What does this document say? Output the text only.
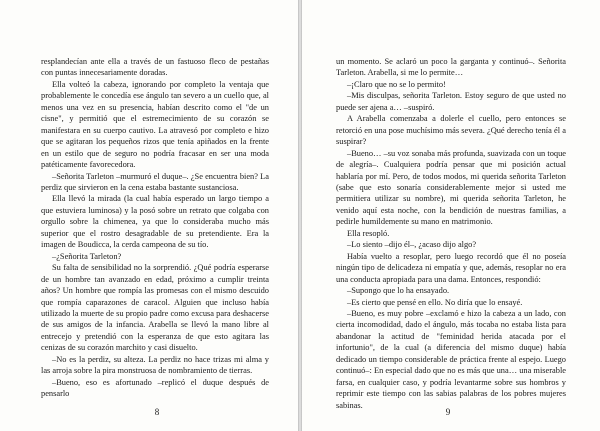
resplandecían ante ella a través de un fastuoso fleco de pestañas con puntas innecesariamente doradas.

Ella volteó la cabeza, ignorando por completo la ventaja que probablemente le concedía ese ángulo tan severo a un cuello que, al menos una vez en su presencia, habían descrito como el "de un cisne", y permitió que el estremecimiento de su corazón se manifestara en su cuerpo cautivo. La atravesó por completo e hizo que se agitaran los pequeños rizos que tenía apiñados en la frente en un estilo que de seguro no podría fracasar en ser una moda patéticamente favorecedora.

–Señorita Tarleton –murmuró el duque–. ¿Se encuentra bien? La perdiz que sirvieron en la cena estaba bastante sustanciosa.

Ella llevó la mirada (la cual había esperado un largo tiempo a que estuviera luminosa) y la posó sobre un retrato que colgaba con orgullo sobre la chimenea, ya que lo consideraba mucho más superior que el rostro desagradable de su pretendiente. Era la imagen de Boudicca, la cerda campeona de su tío.

–¿Señorita Tarleton?

Su falta de sensibilidad no la sorprendió. ¿Qué podría esperarse de un hombre tan avanzado en edad, próximo a cumplir treinta años? Un hombre que rompía las promesas con el mismo descuido que rompía caparazones de caracol. Alguien que incluso había utilizado la muerte de su propio padre como excusa para deshacerse de sus amigos de la infancia. Arabella se llevó la mano libre al entrecejo y pretendió con la esperanza de que esto agitara las cenizas de su corazón marchito y casi disuelto.

–No es la perdiz, su alteza. La perdiz no hace trizas mi alma y las arroja sobre la pira monstruosa de nombramiento de tierras.

–Bueno, eso es afortunado –replicó el duque después de pensarlo

8

un momento. Se aclaró un poco la garganta y continuó–. Señorita Tarleton. Arabella, si me lo permite…

–¡Claro que no se lo permito!

–Mis disculpas, señorita Tarleton. Estoy seguro de que usted no puede ser ajena a… –suspiró.

A Arabella comenzaba a dolerle el cuello, pero entonces se retorció en una pose muchísimo más severa. ¿Qué derecho tenía él a suspirar?

–Bueno… –su voz sonaba más profunda, suavizada con un toque de alegría–. Cualquiera podría pensar que mi posición actual hablaría por mí. Pero, de todos modos, mi querida señorita Tarleton (sabe que esto sonaría considerablemente mejor si usted me permitiera utilizar su nombre), mi querida señorita Tarleton, he venido aquí esta noche, con la bendición de nuestras familias, a pedirle humildemente su mano en matrimonio.

Ella resopló.

–Lo siento –dijo él–, ¿acaso dijo algo?

Había vuelto a resoplar, pero luego recordó que él no poseía ningún tipo de delicadeza ni empatía y que, además, resoplar no era una conducta apropiada para una dama. Entonces, respondió:

–Supongo que lo ha ensayado.

–Es cierto que pensé en ello. No diría que lo ensayé.

–Bueno, es muy pobre –exclamó e hizo la cabeza a un lado, con cierta incomodidad, dado el ángulo, más tocaba no estaba lista para abandonar la actitud de "feminidad herida atacada por el infortunio", de la cual (a diferencia del mismo duque) había dedicado un tiempo considerable de práctica frente al espejo. Luego continuó–: En especial dado que no es más que una… una miserable farsa, en cualquier caso, y podría levantarme sobre sus hombros y reprimir este tiempo con las sabias palabras de los pobres mujeres sabinas.

9
